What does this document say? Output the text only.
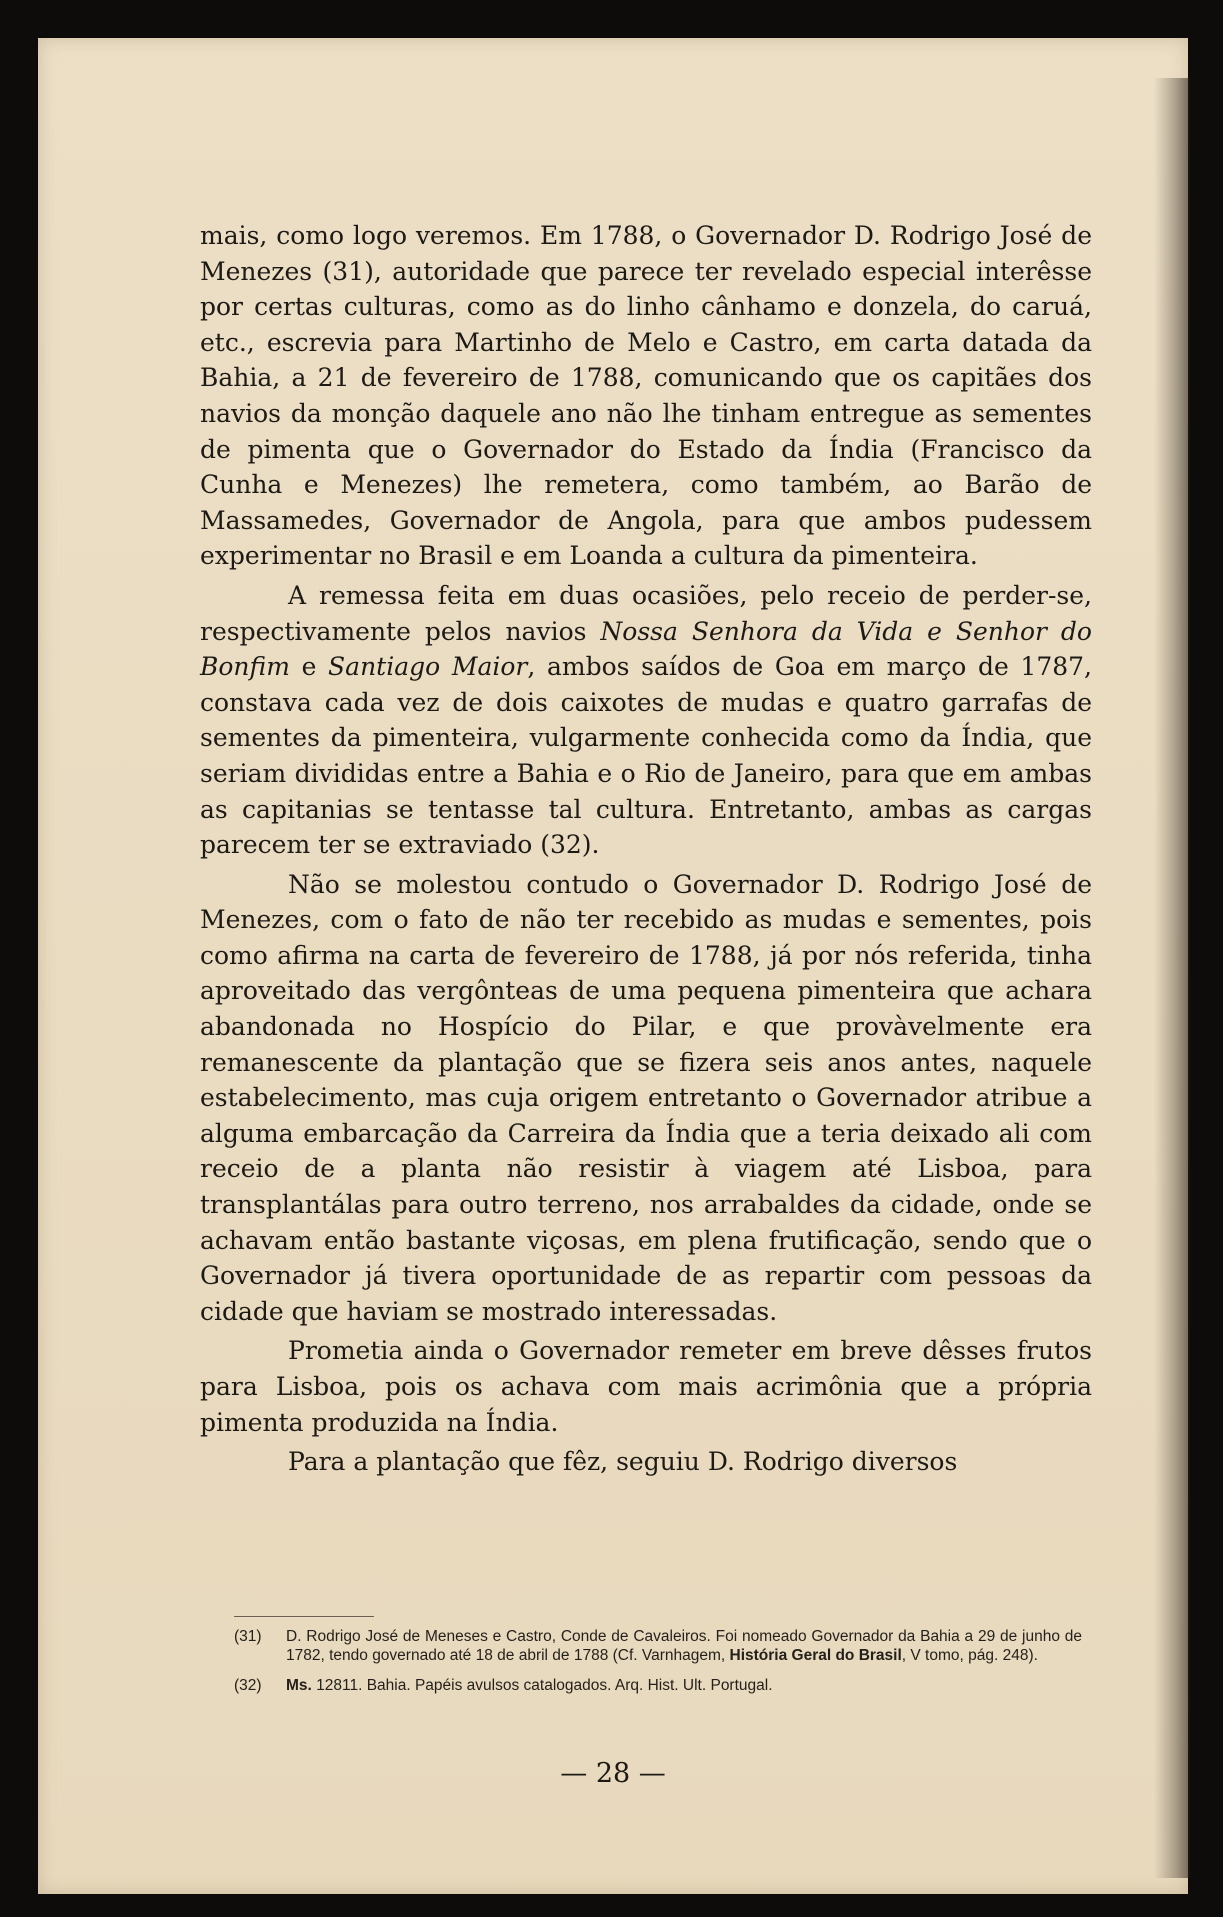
mais, como logo veremos. Em 1788, o Governador D. Rodrigo José de Menezes (31), autoridade que parece ter revelado especial interêsse por certas culturas, como as do linho cânhamo e donzela, do caruá, etc., escrevia para Martinho de Melo e Castro, em carta datada da Bahia, a 21 de fevereiro de 1788, comunicando que os capitães dos navios da monção daquele ano não lhe tinham entregue as sementes de pimenta que o Governador do Estado da Índia (Francisco da Cunha e Menezes) lhe remetera, como também, ao Barão de Massamedes, Governador de Angola, para que ambos pudessem experimentar no Brasil e em Loanda a cultura da pimenteira.

A remessa feita em duas ocasiões, pelo receio de perder-se, respectivamente pelos navios Nossa Senhora da Vida e Senhor do Bonfim e Santiago Maior, ambos saídos de Goa em março de 1787, constava cada vez de dois caixotes de mudas e quatro garrafas de sementes da pimenteira, vulgarmente conhecida como da Índia, que seriam divididas entre a Bahia e o Rio de Janeiro, para que em ambas as capitanias se tentasse tal cultura. Entretanto, ambas as cargas parecem ter se extraviado (32).

Não se molestou contudo o Governador D. Rodrigo José de Menezes, com o fato de não ter recebido as mudas e sementes, pois como afirma na carta de fevereiro de 1788, já por nós referida, tinha aproveitado das vergônteas de uma pequena pimenteira que achara abandonada no Hospício do Pilar, e que provàvelmente era remanescente da plantação que se fizera seis anos antes, naquele estabelecimento, mas cuja origem entretanto o Governador atribue a alguma embarcação da Carreira da Índia que a teria deixado ali com receio de a planta não resistir à viagem até Lisboa, para transplantálas para outro terreno, nos arrabaldes da cidade, onde se achavam então bastante viçosas, em plena frutificação, sendo que o Governador já tivera oportunidade de as repartir com pessoas da cidade que haviam se mostrado interessadas.

Prometia ainda o Governador remeter em breve dêsses frutos para Lisboa, pois os achava com mais acrimônia que a própria pimenta produzida na Índia.

Para a plantação que fêz, seguiu D. Rodrigo diversos

(31) D. Rodrigo José de Meneses e Castro, Conde de Cavaleiros. Foi nomeado Governador da Bahia a 29 de junho de 1782, tendo governado até 18 de abril de 1788 (Cf. Varnhagem, História Geral do Brasil, V tomo, pág. 248).
(32) Ms. 12811. Bahia. Papéis avulsos catalogados. Arq. Hist. Ult. Portugal.
— 28 —
